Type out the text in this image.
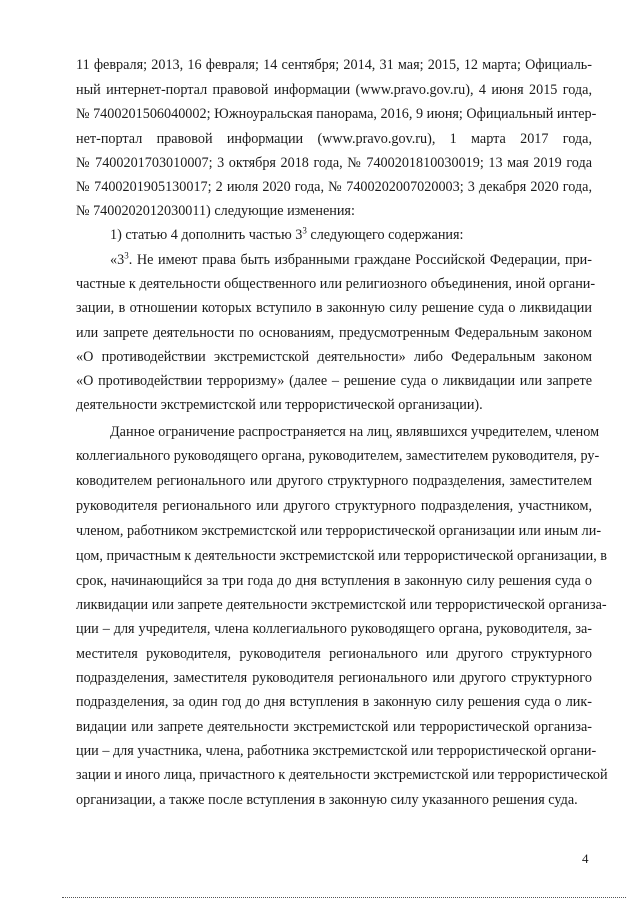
11 февраля; 2013, 16 февраля; 14 сентября; 2014, 31 мая; 2015, 12 марта; Официаль-
ный интернет-портал правовой информации (www.pravo.gov.ru), 4 июня 2015 года,
№ 7400201506040002; Южноуральская панорама, 2016, 9 июня; Официальный интер-
нет-портал правовой информации (www.pravo.gov.ru), 1 марта 2017 года,
№ 7400201703010007; 3 октября 2018 года, № 7400201810030019; 13 мая 2019 года
№ 7400201905130017; 2 июля 2020 года, № 7400202007020003; 3 декабря 2020 года,
№ 7400202012030011) следующие изменения:
1) статью 4 дополнить частью $3^3$ следующего содержания:
«$3^3$. Не имеют права быть избранными граждане Российской Федерации, при-
частные к деятельности общественного или религиозного объединения, иной органи-
зации, в отношении которых вступило в законную силу решение суда о ликвидации
или запрете деятельности по основаниям, предусмотренным Федеральным законом
«О противодействии экстремистской деятельности» либо Федеральным законом
«О противодействии терроризму» (далее – решение суда о ликвидации или запрете
деятельности экстремистской или террористической организации).
Данное ограничение распространяется на лиц, являвшихся учредителем, членом
коллегиального руководящего органа, руководителем, заместителем руководителя, ру-
ководителем регионального или другого структурного подразделения, заместителем
руководителя регионального или другого структурного подразделения, участником,
членом, работником экстремистской или террористической организации или иным ли-
цом, причастным к деятельности экстремистской или террористической организации, в
срок, начинающийся за три года до дня вступления в законную силу решения суда о
ликвидации или запрете деятельности экстремистской или террористической организа-
ции – для учредителя, члена коллегиального руководящего органа, руководителя, за-
местителя руководителя, руководителя регионального или другого структурного
подразделения, заместителя руководителя регионального или другого структурного
подразделения, за один год до дня вступления в законную силу решения суда о лик-
видации или запрете деятельности экстремистской или террористической организа-
ции – для участника, члена, работника экстремистской или террористической органи-
зации и иного лица, причастного к деятельности экстремистской или террористической
организации, а также после вступления в законную силу указанного решения суда.
4
